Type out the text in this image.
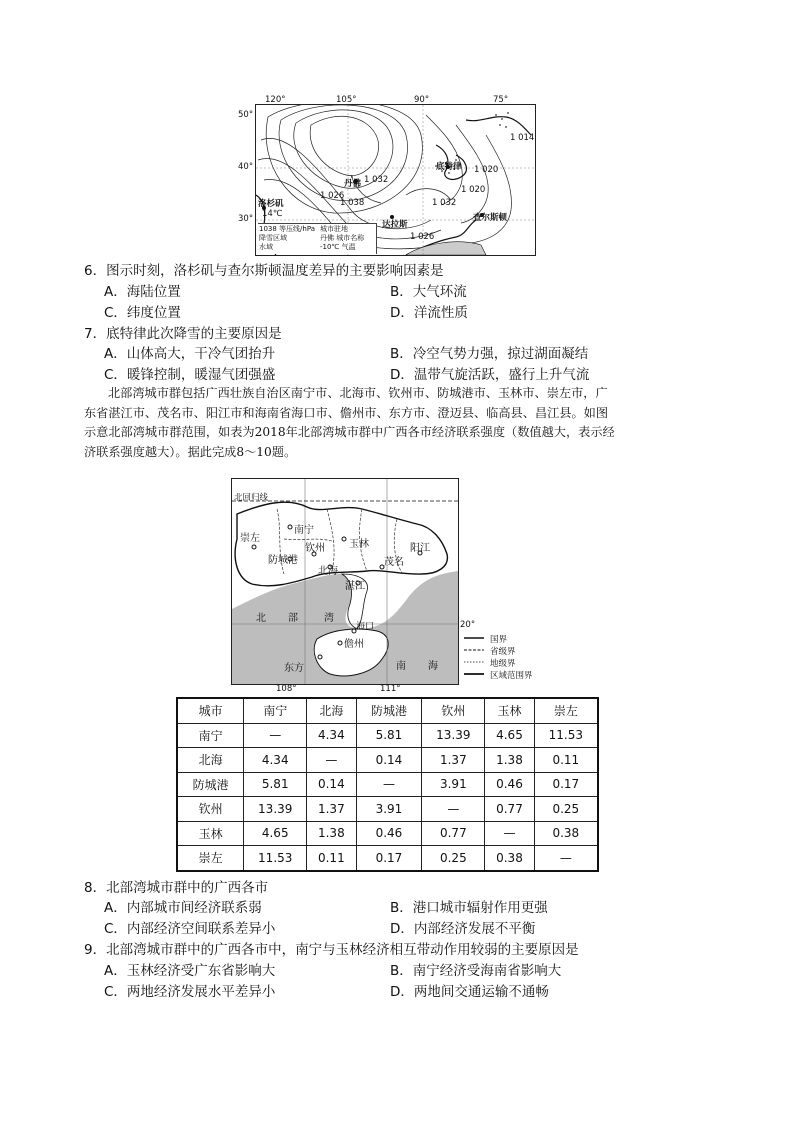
50°
40°
30°
洛杉矶
14℃
丹佛
底特律
达拉斯
查尔斯顿
1 014
1 020
1 032
1 026
1 020
1 026
1 032
1 038
1038 等压线/hPa
降雪区域
水域
城市驻地
丹佛 城市名称
-10℃ 气温
120°	105°	90°	75°
6．图示时刻，洛杉矶与查尔斯顿温度差异的主要影响因素是
A．海陆位置	B．大气环流
C．纬度位置	D．洋流性质
7．底特律此次降雪的主要原因是
A．山体高大，干冷气团抬升	B．冷空气势力强，掠过湖面凝结
C．暖锋控制，暖湿气团强盛	D．温带气旋活跃，盛行上升气流

北部湾城市群包括广西壮族自治区南宁市、北海市、钦州市、防城港市、玉林市、崇左市，广

东省湛江市、茂名市、阳江市和海南省海口市、儋州市、东方市、澄迈县、临高县、昌江县。如图

示意北部湾城市群范围，如表为2018年北部湾城市群中广西各市经济联系强度（数值越大，表示经

济联系强度越大）。据此完成8～10题。

北回归线
崇左
南宁
防城港
钦州 玉林
北海
茂名
阳江
湛江
海口
儋州
东方
北 部	湾
南 海
20°
108°	111°
国界
省级界
地级界
区域范围界
城市	南宁	北海	防城港	钦州	玉林	崇左
南宁	—	4.34	5.81	13.39	4.65	11.53
北海	4.34	—	0.14	1.37	1.38	0.11
防城港	5.81	0.14	—	3.91	0.46	0.17
钦州	13.39	1.37	3.91	—	0.77	0.25
玉林	4.65	1.38	0.46	0.77	—	0.38
崇左	11.53	0.11	0.17	0.25	0.38	—
8．北部湾城市群中的广西各市
A．内部城市间经济联系弱	B．港口城市辐射作用更强
C．内部经济空间联系差异小	D．内部经济发展不平衡
9．北部湾城市群中的广西各市中，南宁与玉林经济相互带动作用较弱的主要原因是
A．玉林经济受广东省影响大	B．南宁经济受海南省影响大
C．两地经济发展水平差异小	D．两地间交通运输不通畅
